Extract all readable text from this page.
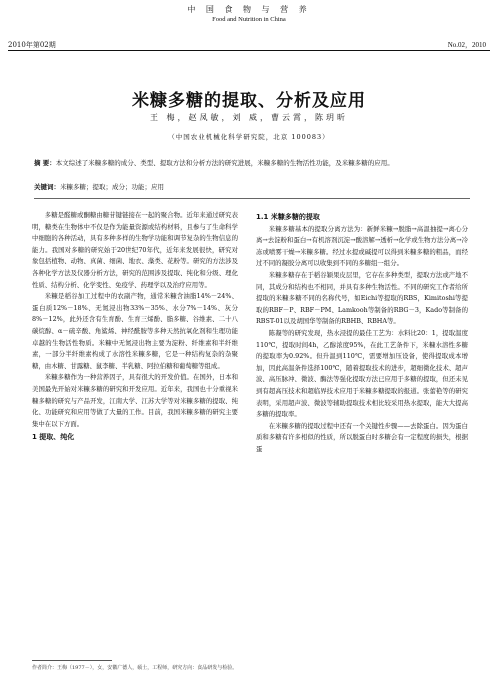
中 国 食 物 与 营 养
Food and Nutrition in China
2010年第02期	No.02，2010
米糠多糖的提取、分析及应用
王 梅，赵凤敏，刘 威，曹云霄，陈玥昕
（中国农业机械化科学研究院，北京 100083）
摘 要：本文综述了米糠多糖的成分、类型、提取方法和分析方法的研究进展，米糠多糖的生物活性功能，及米糠多糖的应用。
关键词：米糠多糖；提取；成分；功能；应用

多糖是醛糖或酮糖由糖苷键链接在一起的聚合物。近年来通过研究表明，糖类在生物体中不仅是作为能量资源或结构材料，且参与了生命科学中细胞的各种活动，具有多种多样的生物学功能和调节复杂的生物信息的能力。我国对多糖的研究始于20世纪70年代，近年来发展很快，研究对象包括植物、动物、真菌、细菌、地衣、藻类、花粉等。研究的方法涉及各种化学方法及仪器分析方法，研究的范围涉及提取、纯化和分级、理化性质、结构分析、化学变性、免疫学、药理学以及治疗应用等。

米糠是稻谷加工过程中的农副产物，通常米糠含油脂14%－24%、蛋白质12%－18%、无氮浸出物33%－35%、水分7%－14%、灰分8%－12%，此外还含有生育酚、生育三烯酚、脂多糖、谷维素、二十八碳烷醇、α－硫辛酸、角鲨烯、神经酰胺等多种天然抗氧化剂和生理功能卓越的生物活性物质。米糠中无氮浸出物主要为淀粉、纤维素和半纤维素，一部分半纤维素构成了水溶性米糠多糖，它是一种结构复杂的杂聚糖，由木糖、甘露糖、鼠李糖、半乳糖、阿拉伯糖和葡萄糖等组成。

米糠多糖作为一种营养因子，具有很大的开发价值。在国外，日本和美国最先开始对米糠多糖的研究和开发应用。近年来，我国也十分重视米糠多糖的研究与产品开发，江南大学、江苏大学等对米糠多糖的提取、纯化、功能研究和应用等做了大量的工作。目前，我国米糠多糖的研究主要集中在以下方面。

1 提取、纯化
1.1 米糠多糖的提取

米糠多糖基本的提取分离方法为：新鲜米糠→脱脂→高温抽提→离心分离→去淀粉和蛋白→有机溶剂沉淀→酸溶解→透析→化学或生物方法分离→冷冻或喷雾干燥→米糠多糖。经过水提或碱提可以得到米糠多糖的粗品，而经过不同的凝胶分离可以收集到不同的多糖组一组分。

米糠多糖存在于稻谷颖果皮层里，它存在多种类型，提取方法或产地不同，其成分和结构也不相同，并具有多种生物活性。不同的研究工作者给所提取的米糠多糖不同的名称代号，如Eichi等提取的RBS，Kimitoshi等提取的RBF－P、RBF－PM、Lamkooh等制备的RBG－3，Kado等制备的RBST-01以及胡国华等制备的RBHB、RBHA等。

陈凝等的研究发现，热水浸提的最佳工艺为：水料比20：1，提取温度110℃，提取时间4h，乙醇浓度95%，在此工艺条件下，米糠水溶性多糖的提取率为0.92%。但升温到110℃，需要增加压设备，使得提取成本增加，因此高温条件选择100℃，随着提取技术的进步，超细微化技术、超声波、高压脉冲、微波、酶法等强化提取方法已应用于多糖的提取，但还未见到有超高压技术和超临界技术应用于米糠多糖提取的报道。张蕾艳等的研究表明，采用超声波、微波等辅助提取技术相比较采用热水提取，能大大提高多糖的提取率。

在米糠多糖的提取过程中还有一个关键性步骤——去除蛋白。因为蛋白质和多糖有许多相似的性质，所以脱蛋白时多糖会有一定程度的损失，根据蛋

作者简介：王梅（1977－），女，安徽广德人，硕士，工程师，研究方向：食品研发与检验。
